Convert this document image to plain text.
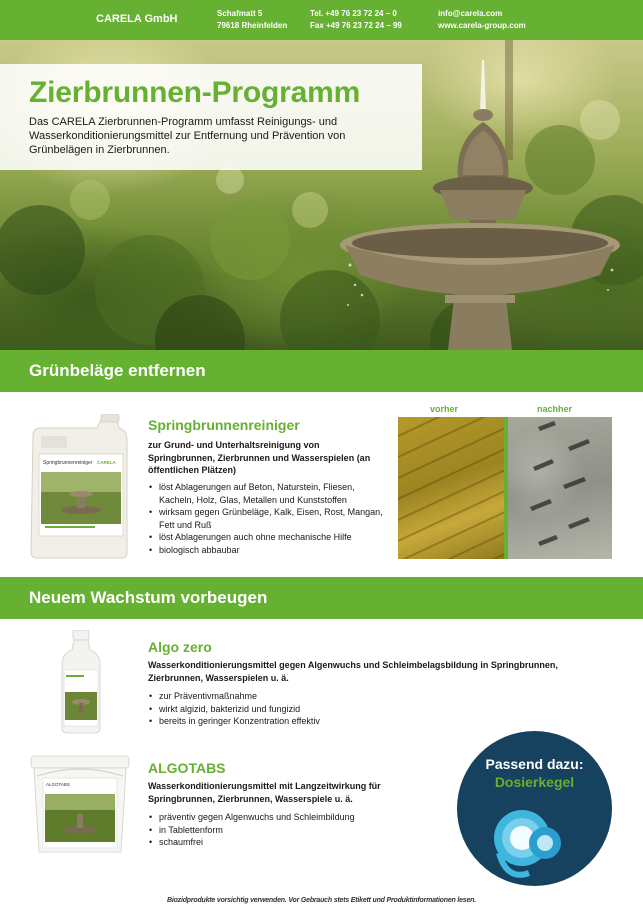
CARELA GmbH	Schafmatt 5
79618 Rheinfelden
Tel. +49 76 23 72 24 – 0
Fax +49 76 23 72 24 – 99
info@carela.com
www.carela-group.com
Zierbrunnen-Programm
Das CARELA Zierbrunnen-Programm umfasst Reinigungs- und Wasserkonditionierungsmittel zur Entfernung und Prävention von Grünbelägen in Zierbrunnen.
Grünbeläge entfernen
Springbrunnenreiniger CARELA
Springbrunnenreiniger
zur Grund- und Unterhaltsreinigung von Springbrunnen, Zierbrunnen und Wasserspielen (an öffentlichen Plätzen)
• löst Ablagerungen auf Beton, Naturstein, Fliesen, Kacheln, Holz, Glas, Metallen und Kunststoffen
• wirksam gegen Grünbeläge, Kalk, Eisen, Rost, Mangan, Fett und Ruß
• löst Ablagerungen auch ohne mechanische Hilfe
• biologisch abbaubar
vorher	nachher
Neuem Wachstum vorbeugen
Algo zero
Wasserkonditionierungsmittel gegen Algenwuchs und Schleimbelagsbildung in Springbrunnen, Zierbrunnen, Wasserspielen u. ä.
• zur Präventivmaßnahme
• wirkt algizid, bakterizid und fungizid
• bereits in geringer Konzentration effektiv
ALGOTABS
ALGOTABS
Wasserkonditionierungsmittel mit Langzeitwirkung für Springbrunnen, Zierbrunnen, Wasserspiele u. ä.
• präventiv gegen Algenwuchs und Schleimbildung
• in Tablettenform
• schaumfrei
Passend dazu:
Dosierkegel
Biozidprodukte vorsichtig verwenden. Vor Gebrauch stets Etikett und Produktinformationen lesen.
